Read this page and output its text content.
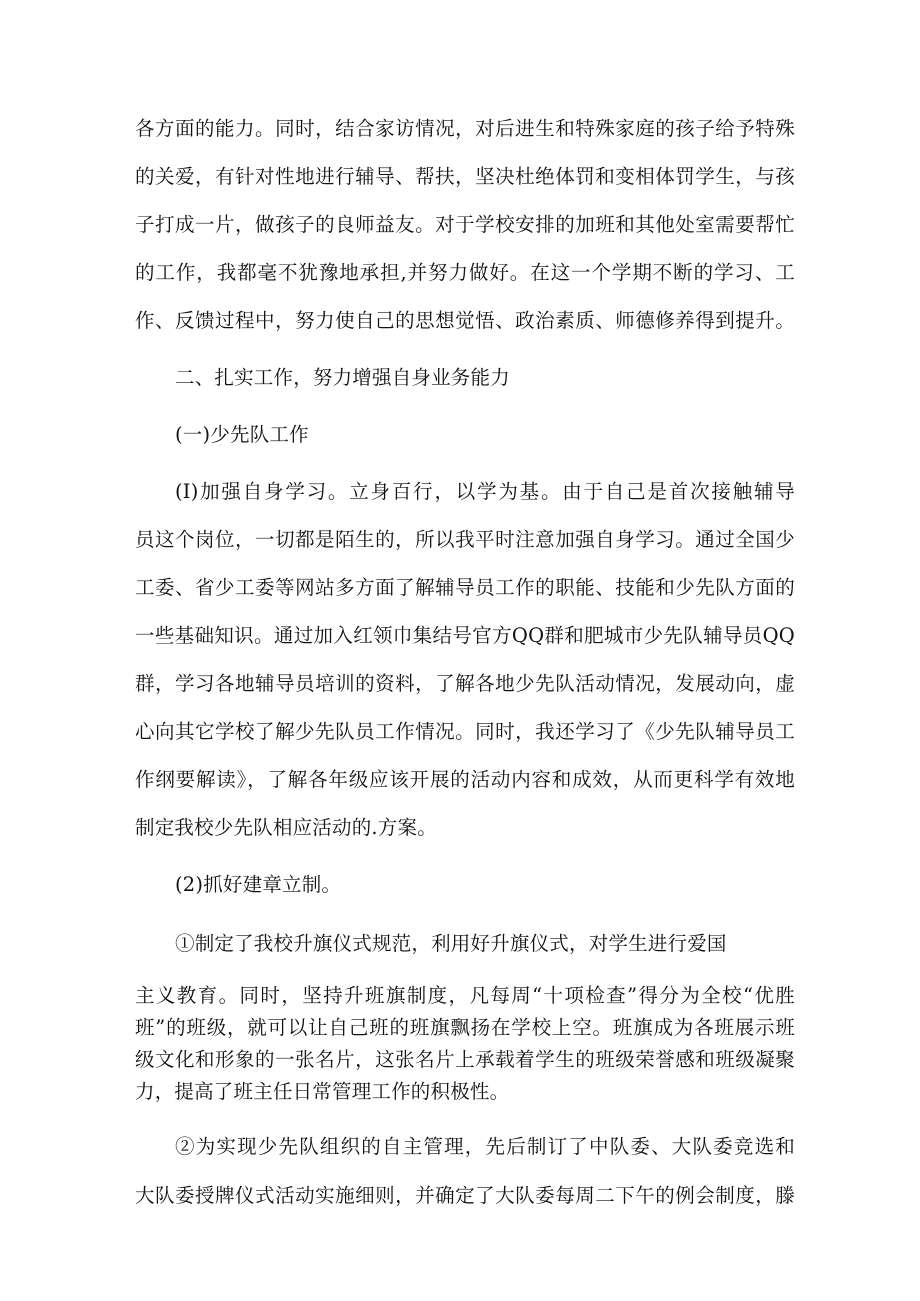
各方面的能力。同时，结合家访情况，对后进生和特殊家庭的孩子给予特殊
的关爱，有针对性地进行辅导、帮扶，坚决杜绝体罚和变相体罚学生，与孩
子打成一片，做孩子的良师益友。对于学校安排的加班和其他处室需要帮忙
的工作，我都毫不犹豫地承担,并努力做好。在这一个学期不断的学习、工
作、反馈过程中，努力使自己的思想觉悟、政治素质、师德修养得到提升。
二、扎实工作，努力增强自身业务能力
(一)少先队工作
(I)加强自身学习。立身百行，以学为基。由于自己是首次接触辅导
员这个岗位，一切都是陌生的，所以我平时注意加强自身学习。通过全国少
工委、省少工委等网站多方面了解辅导员工作的职能、技能和少先队方面的
一些基础知识。通过加入红领巾集结号官方QQ群和肥城市少先队辅导员QQ
群，学习各地辅导员培训的资料，了解各地少先队活动情况，发展动向，虚
心向其它学校了解少先队员工作情况。同时，我还学习了《少先队辅导员工
作纲要解读》，了解各年级应该开展的活动内容和成效，从而更科学有效地
制定我校少先队相应活动的.方案。
(2)抓好建章立制。
①制定了我校升旗仪式规范，利用好升旗仪式，对学生进行爱国
主义教育。同时，坚持升班旗制度，凡每周“十项检查”得分为全校“优胜
班”的班级，就可以让自己班的班旗飘扬在学校上空。班旗成为各班展示班
级文化和形象的一张名片，这张名片上承载着学生的班级荣誉感和班级凝聚
力，提高了班主任日常管理工作的积极性。
②为实现少先队组织的自主管理，先后制订了中队委、大队委竞选和
大队委授牌仪式活动实施细则，并确定了大队委每周二下午的例会制度，滕
